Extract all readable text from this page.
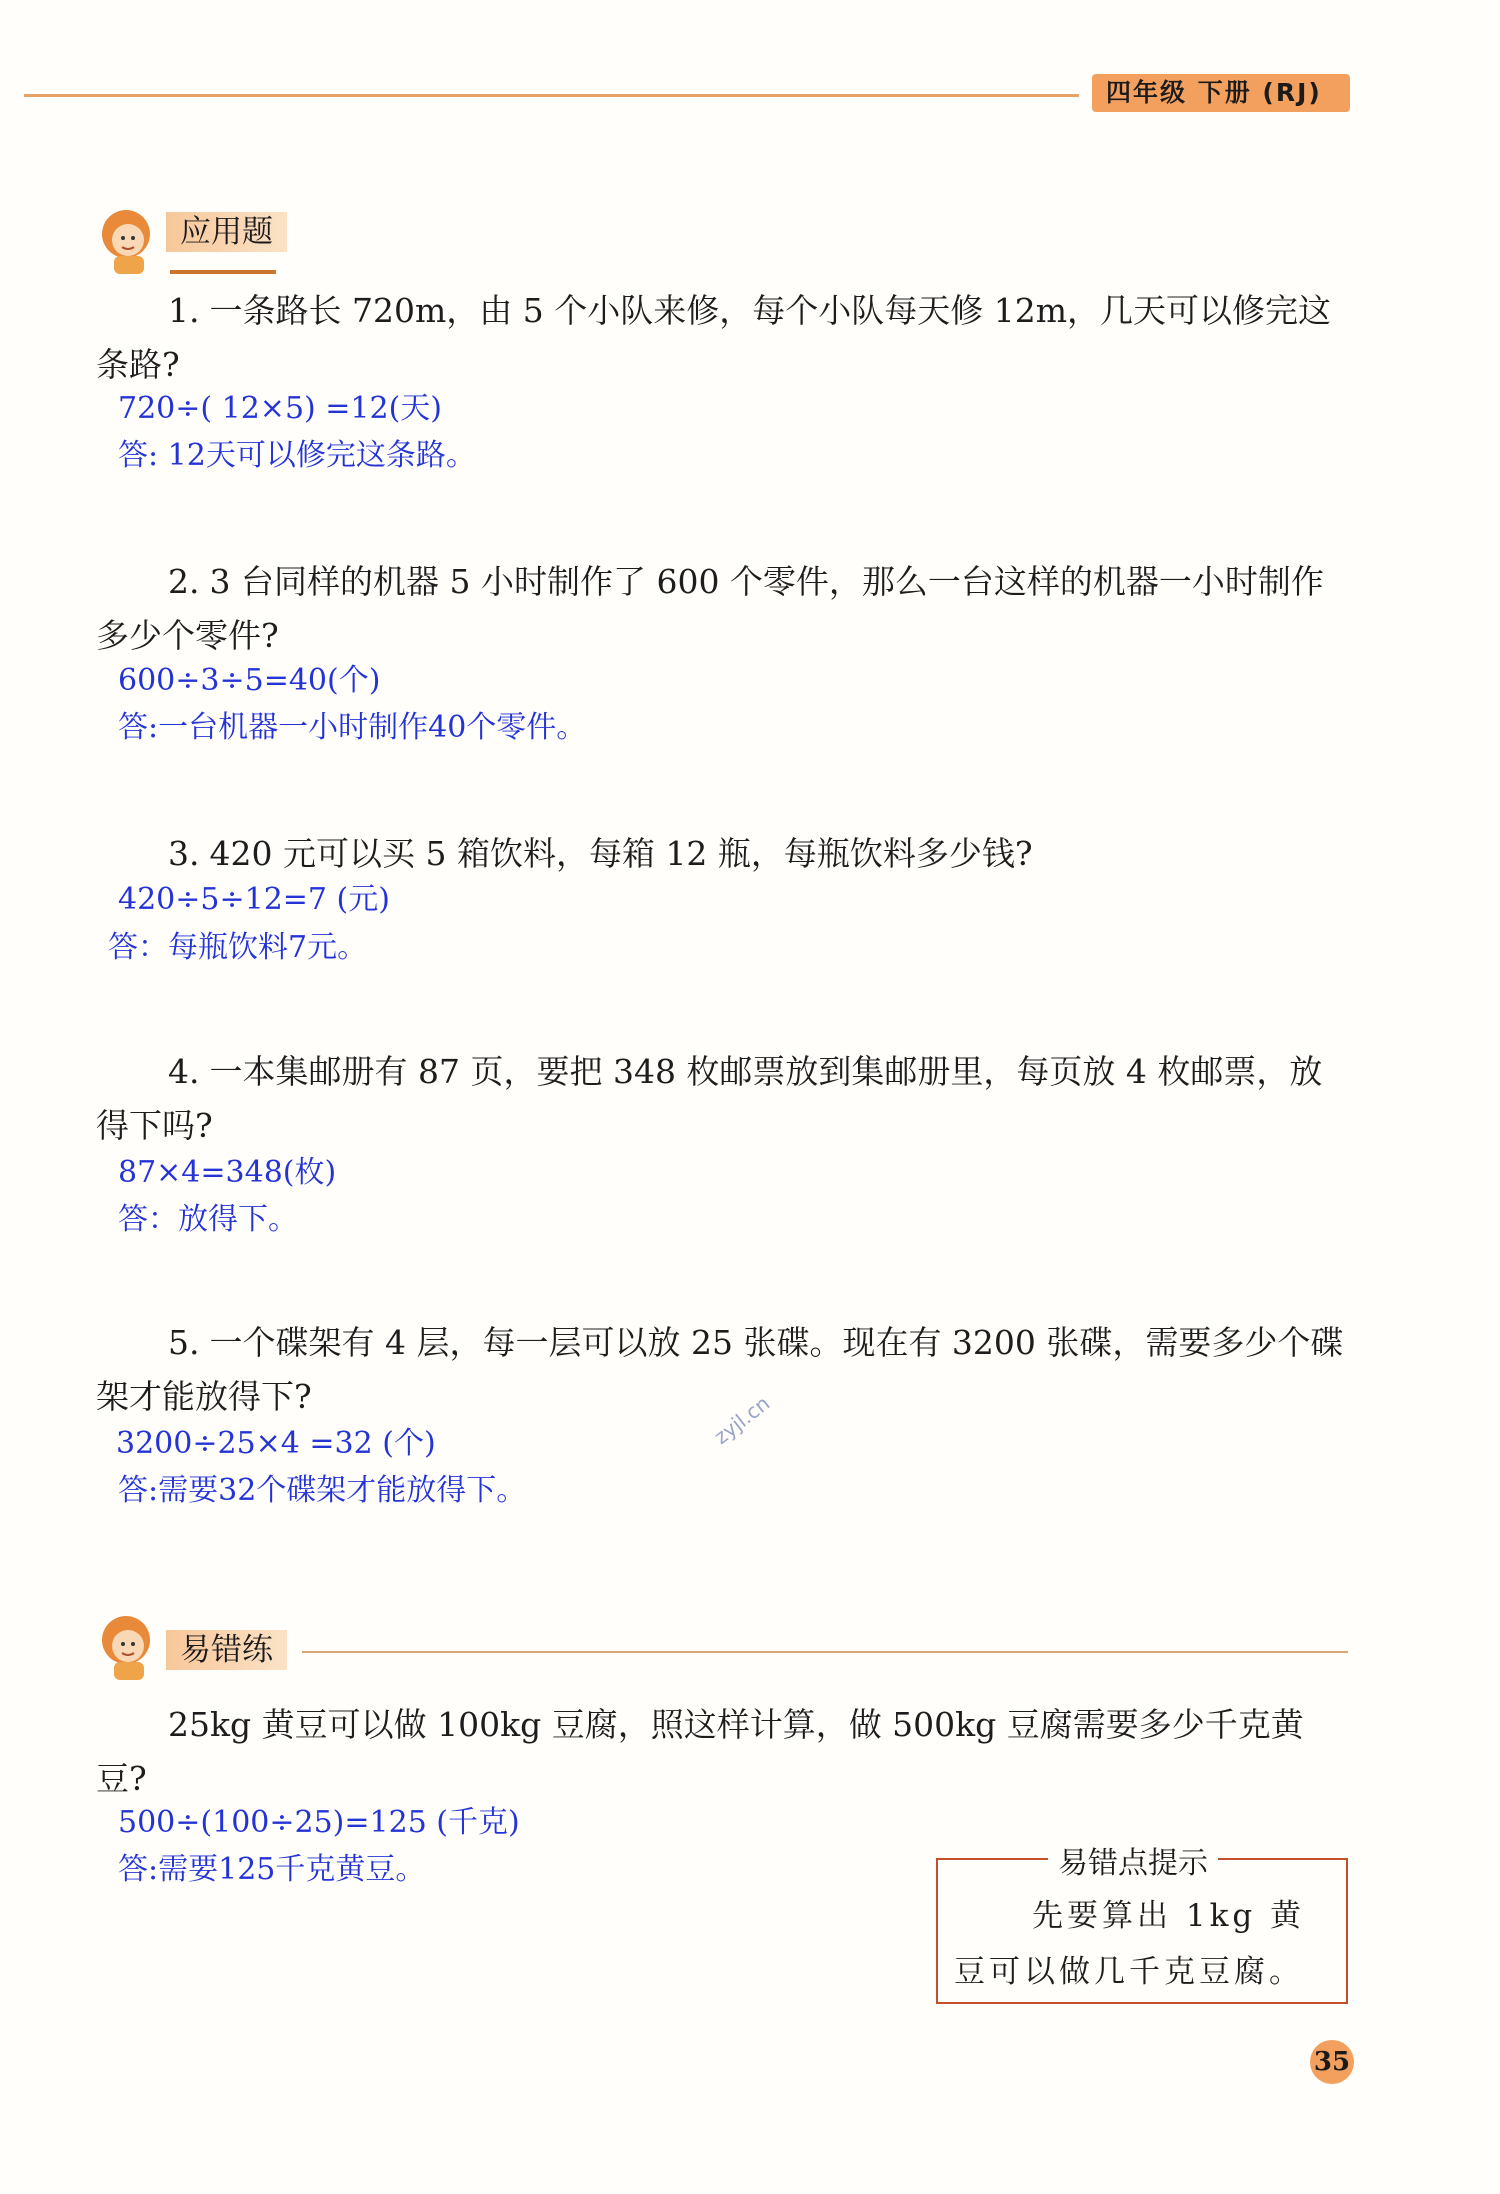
四年级 下册 (RJ)
应用题
1. 一条路长 720m，由 5 个小队来修，每个小队每天修 12m，几天可以修完这条路?
720÷( 12×5) =12(天)
答: 12天可以修完这条路。
2. 3 台同样的机器 5 小时制作了 600 个零件，那么一台这样的机器一小时制作多少个零件?
600÷3÷5=40(个)
答:一台机器一小时制作40个零件。
3. 420 元可以买 5 箱饮料，每箱 12 瓶，每瓶饮料多少钱?
420÷5÷12=7 (元)
答：每瓶饮料7元。
4. 一本集邮册有 87 页，要把 348 枚邮票放到集邮册里，每页放 4 枚邮票，放得下吗?
87×4=348(枚)
答：放得下。
5. 一个碟架有 4 层，每一层可以放 25 张碟。现在有 3200 张碟，需要多少个碟架才能放得下?
3200÷25×4 =32 (个)
答:需要32个碟架才能放得下。
zyjl.cn
易错练
25kg 黄豆可以做 100kg 豆腐，照这样计算，做 500kg 豆腐需要多少千克黄豆?
500÷(100÷25)=125 (千克)
答:需要125千克黄豆。	易错点提示
先要算出 1kg 黄豆可以做几千克豆腐。
35
